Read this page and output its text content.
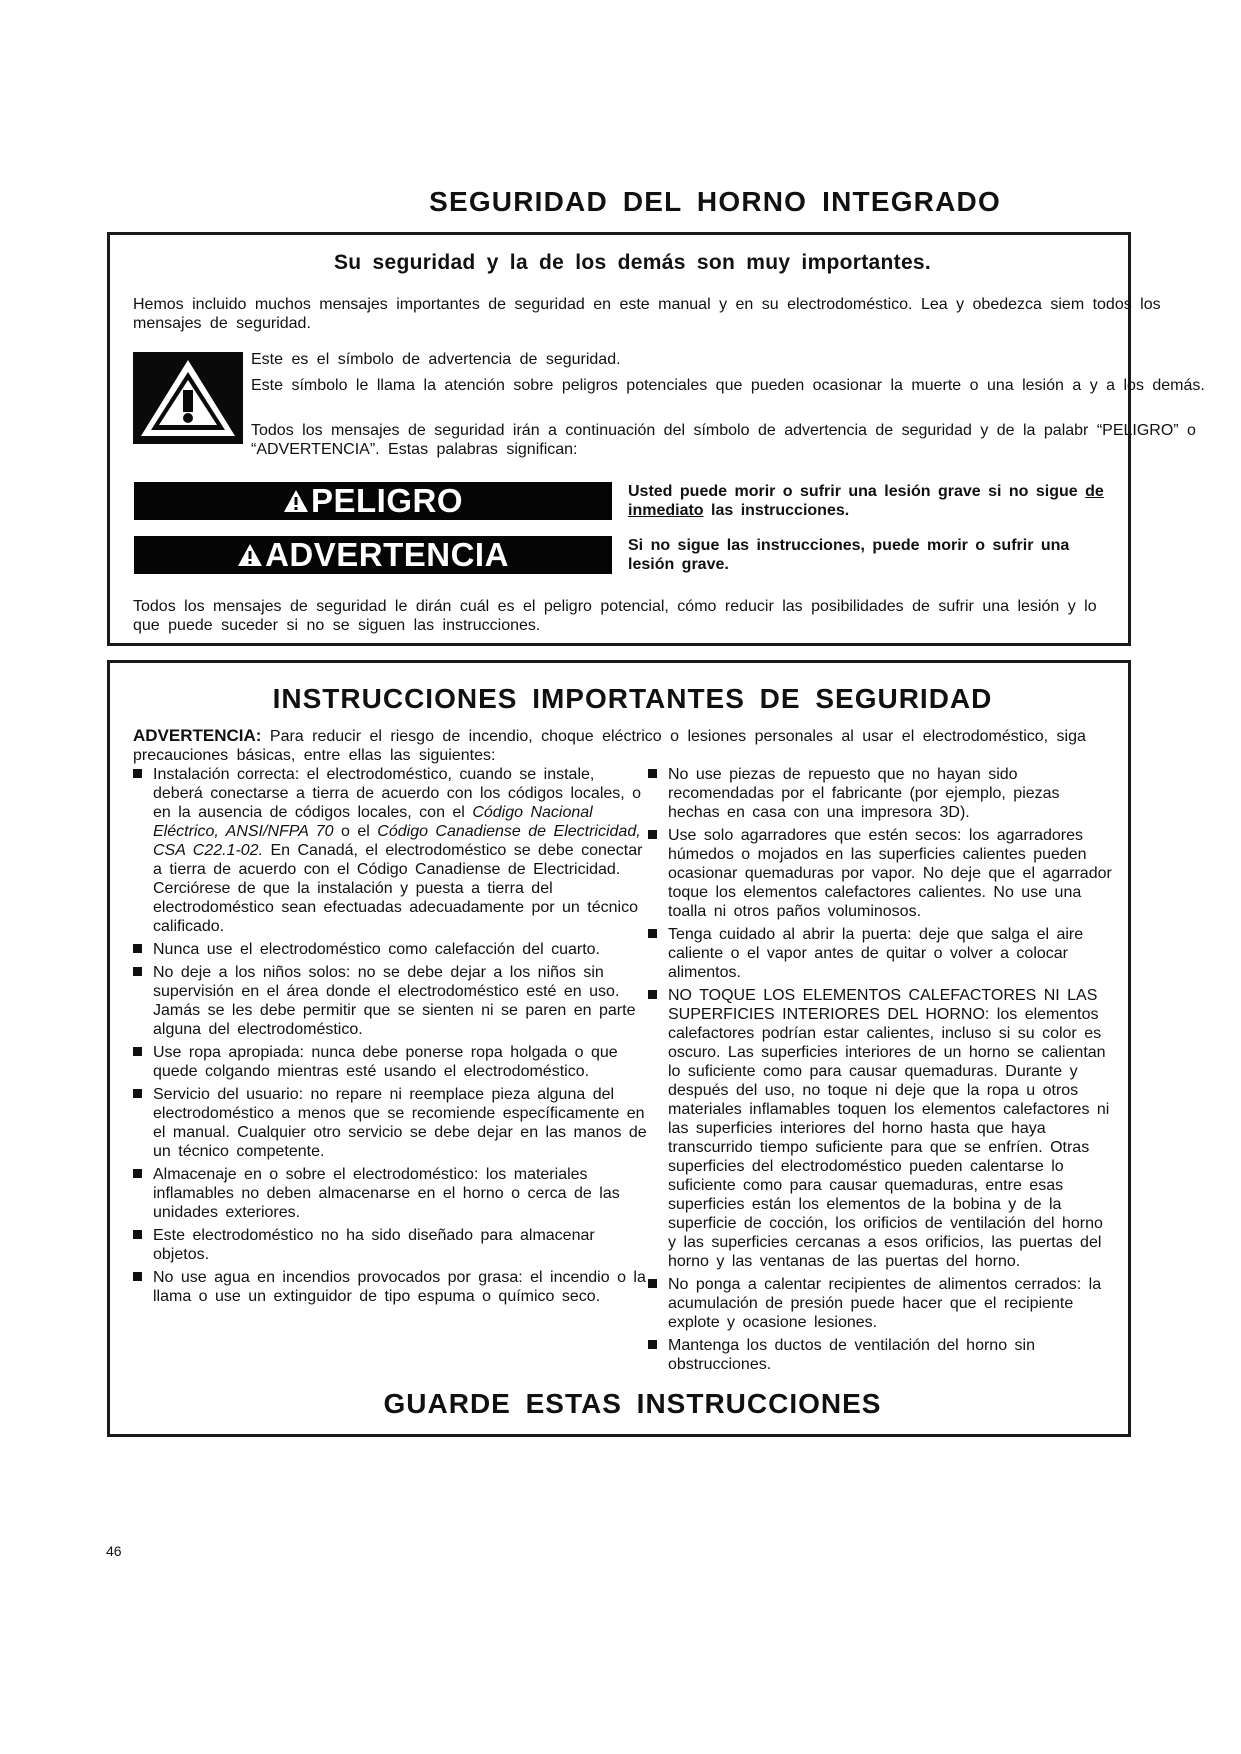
SEGURIDAD DEL HORNO INTEGRADO
Su seguridad y la de los demás son muy importantes.
Hemos incluido muchos mensajes importantes de seguridad en este manual y en su electrodoméstico. Lea y obedezca siem todos los mensajes de seguridad.
Este es el símbolo de advertencia de seguridad.
Este símbolo le llama la atención sobre peligros potenciales que pueden ocasionar la muerte o una lesión a y a los demás.
Todos los mensajes de seguridad irán a continuación del símbolo de advertencia de seguridad y de la palabr “PELIGRO” o “ADVERTENCIA”. Estas palabras significan:
PELIGRO	Usted puede morir o sufrir una lesión grave si no sigue de inmediato las instrucciones.
ADVERTENCIA	Si no sigue las instrucciones, puede morir o sufrir una lesión grave.
Todos los mensajes de seguridad le dirán cuál es el peligro potencial, cómo reducir las posibilidades de sufrir una lesión y lo que puede suceder si no se siguen las instrucciones.
INSTRUCCIONES IMPORTANTES DE SEGURIDAD
ADVERTENCIA: Para reducir el riesgo de incendio, choque eléctrico o lesiones personales al usar el electrodoméstico, siga precauciones básicas, entre ellas las siguientes:
Instalación correcta: el electrodoméstico, cuando se instale, deberá conectarse a tierra de acuerdo con los códigos locales, o en la ausencia de códigos locales, con el Código Nacional Eléctrico, ANSI/NFPA 70 o el Código Canadiense de Electricidad, CSA C22.1-02. En Canadá, el electrodoméstico se debe conectar a tierra de acuerdo con el Código Canadiense de Electricidad. Cerciórese de que la instalación y puesta a tierra del electrodoméstico sean efectuadas adecuadamente por un técnico calificado.
Nunca use el electrodoméstico como calefacción del cuarto.
No deje a los niños solos: no se debe dejar a los niños sin supervisión en el área donde el electrodoméstico esté en uso. Jamás se les debe permitir que se sienten ni se paren en parte alguna del electrodoméstico.
Use ropa apropiada: nunca debe ponerse ropa holgada o que quede colgando mientras esté usando el electrodoméstico.
Servicio del usuario: no repare ni reemplace pieza alguna del electrodoméstico a menos que se recomiende específicamente en el manual. Cualquier otro servicio se debe dejar en las manos de un técnico competente.
Almacenaje en o sobre el electrodoméstico: los materiales inflamables no deben almacenarse en el horno o cerca de las unidades exteriores.
Este electrodoméstico no ha sido diseñado para almacenar objetos.
No use agua en incendios provocados por grasa: el incendio o la llama o use un extinguidor de tipo espuma o químico seco.
No use piezas de repuesto que no hayan sido recomendadas por el fabricante (por ejemplo, piezas hechas en casa con una impresora 3D).
Use solo agarradores que estén secos: los agarradores húmedos o mojados en las superficies calientes pueden ocasionar quemaduras por vapor. No deje que el agarrador toque los elementos calefactores calientes. No use una toalla ni otros paños voluminosos.
Tenga cuidado al abrir la puerta: deje que salga el aire caliente o el vapor antes de quitar o volver a colocar alimentos.
NO TOQUE LOS ELEMENTOS CALEFACTORES NI LAS SUPERFICIES INTERIORES DEL HORNO: los elementos calefactores podrían estar calientes, incluso si su color es oscuro. Las superficies interiores de un horno se calientan lo suficiente como para causar quemaduras. Durante y después del uso, no toque ni deje que la ropa u otros materiales inflamables toquen los elementos calefactores ni las superficies interiores del horno hasta que haya transcurrido tiempo suficiente para que se enfríen. Otras superficies del electrodoméstico pueden calentarse lo suficiente como para causar quemaduras, entre esas superficies están los elementos de la bobina y de la superficie de cocción, los orificios de ventilación del horno y las superficies cercanas a esos orificios, las puertas del horno y las ventanas de las puertas del horno.
No ponga a calentar recipientes de alimentos cerrados: la acumulación de presión puede hacer que el recipiente explote y ocasione lesiones.
Mantenga los ductos de ventilación del horno sin obstrucciones.
GUARDE ESTAS INSTRUCCIONES
46
